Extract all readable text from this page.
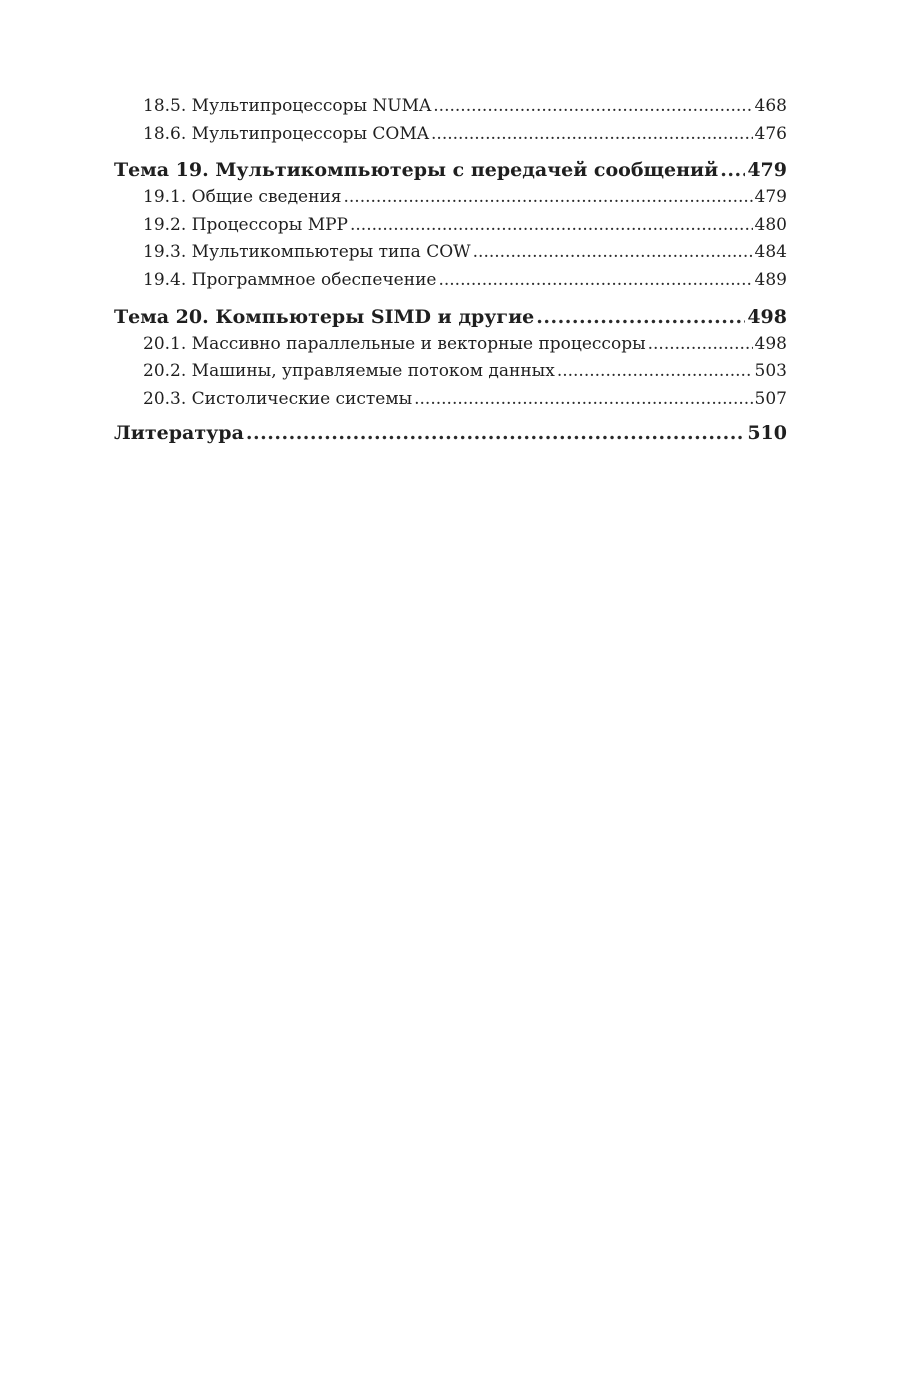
18.5. Мультипроцессоры NUMA .....	468
18.6. Мультипроцессоры COMA .....	476
Тема 19. Мультикомпьютеры с передачей сообщений ..... 479
19.1. Общие сведения .....	479
19.2. Процессоры MPP .....	480
19.3. Мультикомпьютеры типа COW .....	484
19.4. Программное обеспечение .....	489
Тема 20. Компьютеры SIMD и другие .....	498
20.1. Массивно параллельные и векторные процессоры .....	498
20.2. Машины, управляемые потоком данных .....	503
20.3. Систолические системы .....	507
Литература .....	510
